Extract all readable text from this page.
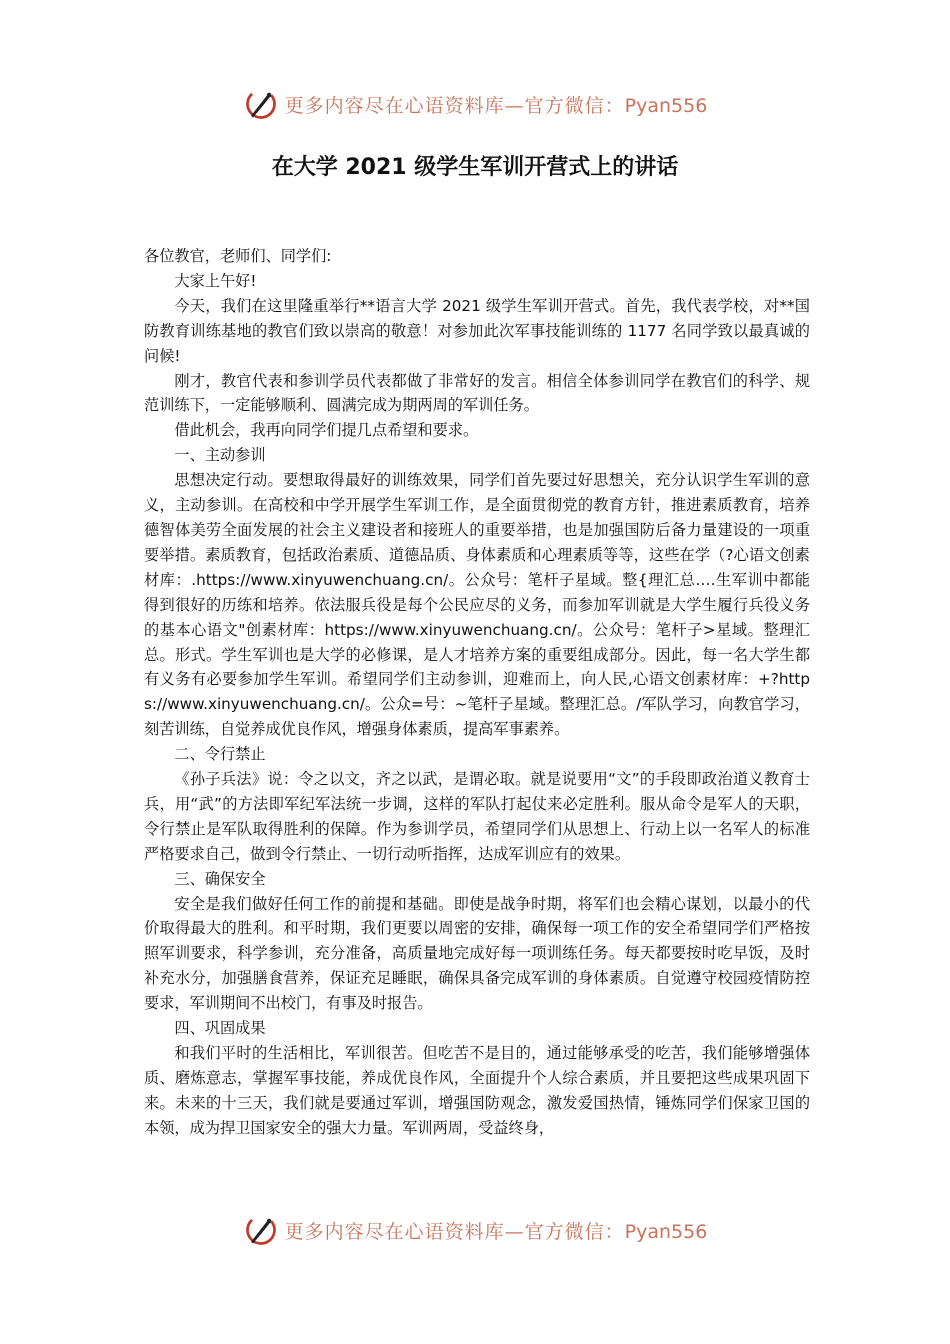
更多内容尽在心语资料库—官方微信：Pyan556
在大学 2021 级学生军训开营式上的讲话

各位教官，老师们、同学们:

大家上午好!

今天，我们在这里隆重举行**语言大学 2021 级学生军训开营式。首先，我代表学校，对**国防教育训练基地的教官们致以崇高的敬意！对参加此次军事技能训练的 1177 名同学致以最真诚的问候!

刚才，教官代表和参训学员代表都做了非常好的发言。相信全体参训同学在教官们的科学、规范训练下，一定能够顺利、圆满完成为期两周的军训任务。

借此机会，我再向同学们提几点希望和要求。

一、主动参训

思想决定行动。要想取得最好的训练效果，同学们首先要过好思想关，充分认识学生军训的意义，主动参训。在高校和中学开展学生军训工作，是全面贯彻党的教育方针，推进素质教育，培养德智体美劳全面发展的社会主义建设者和接班人的重要举措，也是加强国防后备力量建设的一项重要举措。素质教育，包括政治素质、道德品质、身体素质和心理素质等等，这些在学（?心语文创素材库：.https://www.xinyuwenchuang.cn/。公众号：笔杆子星域。整{理汇总….生军训中都能得到很好的历练和培养。依法服兵役是每个公民应尽的义务，而参加军训就是大学生履行兵役义务的基本心语文"创素材库：https://www.xinyuwenchuang.cn/。公众号：笔杆子>星域。整理汇总。形式。学生军训也是大学的必修课，是人才培养方案的重要组成部分。因此，每一名大学生都有义务有必要参加学生军训。希望同学们主动参训，迎难而上，向人民,心语文创素材库：+?https://www.xinyuwenchuang.cn/。公众=号：~笔杆子星域。整理汇总。/军队学习，向教官学习，刻苦训练，自觉养成优良作风，增强身体素质，提高军事素养。

二、令行禁止

《孙子兵法》说：令之以文，齐之以武，是谓必取。就是说要用“文”的手段即政治道义教育士兵，用“武”的方法即军纪军法统一步调，这样的军队打起仗来必定胜利。服从命令是军人的天职，令行禁止是军队取得胜利的保障。作为参训学员，希望同学们从思想上、行动上以一名军人的标准严格要求自己，做到令行禁止、一切行动听指挥，达成军训应有的效果。

三、确保安全

安全是我们做好任何工作的前提和基础。即使是战争时期，将军们也会精心谋划，以最小的代价取得最大的胜利。和平时期，我们更要以周密的安排，确保每一项工作的安全希望同学们严格按照军训要求，科学参训，充分准备，高质量地完成好每一项训练任务。每天都要按时吃早饭，及时补充水分，加强膳食营养，保证充足睡眠，确保具备完成军训的身体素质。自觉遵守校园疫情防控要求，军训期间不出校门，有事及时报告。

四、巩固成果

和我们平时的生活相比，军训很苦。但吃苦不是目的，通过能够承受的吃苦，我们能够增强体质、磨炼意志，掌握军事技能，养成优良作风，全面提升个人综合素质，并且要把这些成果巩固下来。未来的十三天，我们就是要通过军训，增强国防观念，激发爱国热情，锤炼同学们保家卫国的本领，成为捍卫国家安全的强大力量。军训两周，受益终身，

更多内容尽在心语资料库—官方微信：Pyan556
